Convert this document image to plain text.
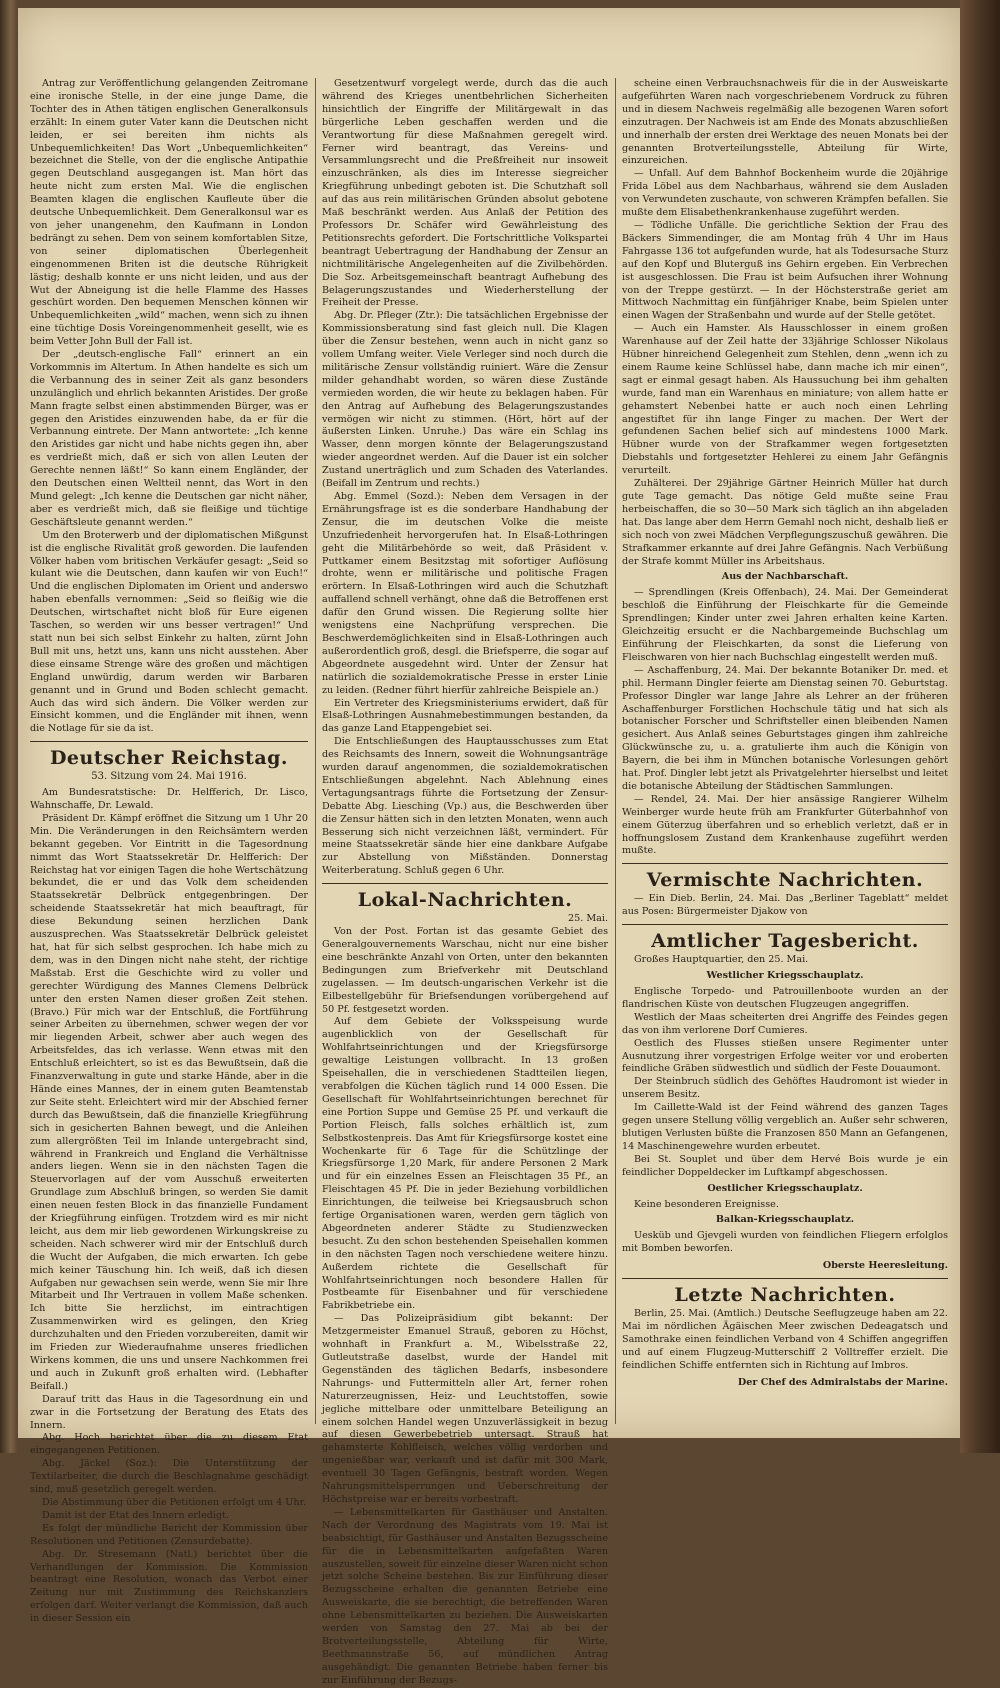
Antrag zur Veröffentlichung gelangenden Zeitromane eine ironische Stelle, in der eine junge Dame, die Tochter des in Athen tätigen englischen Generalkonsuls erzählt: In einem guter Vater kann die Deutschen nicht leiden, er sei bereiten ihm nichts als Unbequemlichkeiten! Das Wort „Unbequemlichkeiten“ bezeichnet die Stelle, von der die englische Antipathie gegen Deutschland ausgegangen ist. Man hört das heute nicht zum ersten Mal. Wie die englischen Beamten klagen die englischen Kaufleute über die deutsche Unbequemlichkeit. Dem Generalkonsul war es von jeher unangenehm, den Kaufmann in London bedrängt zu sehen. Dem von seinem komfortablen Sitze, von seiner diplomatischen Überlegenheit eingenommenen Briten ist die deutsche Rührigkeit lästig; deshalb konnte er uns nicht leiden, und aus der Wut der Abneigung ist die helle Flamme des Hasses geschürt worden. Den bequemen Menschen können wir Unbequemlichkeiten „wild“ machen, wenn sich zu ihnen eine tüchtige Dosis Voreingenommenheit gesellt, wie es beim Vetter John Bull der Fall ist.

Der „deutsch-englische Fall“ erinnert an ein Vorkommnis im Altertum. In Athen handelte es sich um die Verbannung des in seiner Zeit als ganz besonders unzulänglich und ehrlich bekannten Aristides. Der große Mann fragte selbst einen abstimmenden Bürger, was er gegen den Aristides einzuwenden habe, da er für die Verbannung eintrete. Der Mann antwortete: „Ich kenne den Aristides gar nicht und habe nichts gegen ihn, aber es verdrießt mich, daß er sich von allen Leuten der Gerechte nennen läßt!“ So kann einem Engländer, der den Deutschen einen Weltteil nennt, das Wort in den Mund gelegt: „Ich kenne die Deutschen gar nicht näher, aber es verdrießt mich, daß sie fleißige und tüchtige Geschäftsleute genannt werden.“

Um den Broterwerb und der diplomatischen Mißgunst ist die englische Rivalität groß geworden. Die laufenden Völker haben vom britischen Verkäufer gesagt: „Seid so kulant wie die Deutschen, dann kaufen wir von Euch!“ Und die englischen Diplomaten im Orient und anderswo haben ebenfalls vernommen: „Seid so fleißig wie die Deutschen, wirtschaftet nicht bloß für Eure eigenen Taschen, so werden wir uns besser vertragen!“ Und statt nun bei sich selbst Einkehr zu halten, zürnt John Bull mit uns, hetzt uns, kann uns nicht ausstehen. Aber diese einsame Strenge wäre des großen und mächtigen England unwürdig, darum werden wir Barbaren genannt und in Grund und Boden schlecht gemacht. Auch das wird sich ändern. Die Völker werden zur Einsicht kommen, und die Engländer mit ihnen, wenn die Notlage für sie da ist.

Deutscher Reichstag.

53. Sitzung vom 24. Mai 1916.

Am Bundesratstische: Dr. Helfferich, Dr. Lisco, Wahnschaffe, Dr. Lewald.

Präsident Dr. Kämpf eröffnet die Sitzung um 1 Uhr 20 Min. Die Veränderungen in den Reichsämtern werden bekannt gegeben. Vor Eintritt in die Tagesordnung nimmt das Wort Staatssekretär Dr. Helfferich: Der Reichstag hat vor einigen Tagen die hohe Wertschätzung bekundet, die er und das Volk dem scheidenden Staatssekretär Delbrück entgegenbringen. Der scheidende Staatssekretär hat mich beauftragt, für diese Bekundung seinen herzlichen Dank auszusprechen. Was Staatssekretär Delbrück geleistet hat, hat für sich selbst gesprochen. Ich habe mich zu dem, was in den Dingen nicht nahe steht, der richtige Maßstab. Erst die Geschichte wird zu voller und gerechter Würdigung des Mannes Clemens Delbrück unter den ersten Namen dieser großen Zeit stehen. (Bravo.) Für mich war der Entschluß, die Fortführung seiner Arbeiten zu übernehmen, schwer wegen der vor mir liegenden Arbeit, schwer aber auch wegen des Arbeitsfeldes, das ich verlasse. Wenn etwas mit den Entschluß erleichtert, so ist es das Bewußtsein, daß die Finanzverwaltung in gute und starke Hände, aber in die Hände eines Mannes, der in einem guten Beamtenstab zur Seite steht. Erleichtert wird mir der Abschied ferner durch das Bewußtsein, daß die finanzielle Kriegführung sich in gesicherten Bahnen bewegt, und die Anleihen zum allergrößten Teil im Inlande untergebracht sind, während in Frankreich und England die Verhältnisse anders liegen. Wenn sie in den nächsten Tagen die Steuervorlagen auf der vom Ausschuß erweiterten Grundlage zum Abschluß bringen, so werden Sie damit einen neuen festen Block in das finanzielle Fundament der Kriegführung einfügen. Trotzdem wird es mir nicht leicht, aus dem mir lieb gewordenen Wirkungskreise zu scheiden. Nach schwerer wird mir der Entschluß durch die Wucht der Aufgaben, die mich erwarten. Ich gebe mich keiner Täuschung hin. Ich weiß, daß ich diesen Aufgaben nur gewachsen sein werde, wenn Sie mir Ihre Mitarbeit und Ihr Vertrauen in vollem Maße schenken. Ich bitte Sie herzlichst, im eintrachtigen Zusammenwirken wird es gelingen, den Krieg durchzuhalten und den Frieden vorzubereiten, damit wir im Frieden zur Wiederaufnahme unseres friedlichen Wirkens kommen, die uns und unsere Nachkommen frei und auch in Zukunft groß erhalten wird. (Lebhafter Beifall.)

Darauf tritt das Haus in die Tagesordnung ein und zwar in die Fortsetzung der Beratung des Etats des Innern.

Abg. Hoch berichtet über die zu diesem Etat eingegangenen Petitionen.

Abg. Jäckel (Soz.): Die Unterstützung der Textilarbeiter, die durch die Beschlagnahme geschädigt sind, muß gesetzlich geregelt werden.

Die Abstimmung über die Petitionen erfolgt um 4 Uhr.

Damit ist der Etat des Innern erledigt.

Es folgt der mündliche Bericht der Kommission über Resolutionen und Petitionen (Zensurdebatte).

Abg. Dr. Stresemann (Natl.) berichtet über die Verhandlungen der Kommission. Die Kommission beantragt eine Resolution, wonach das Verbot einer Zeitung nur mit Zustimmung des Reichskanzlers erfolgen darf. Weiter verlangt die Kommission, daß auch in dieser Session ein

Gesetzentwurf vorgelegt werde, durch das die auch während des Krieges unentbehrlichen Sicherheiten hinsichtlich der Eingriffe der Militärgewalt in das bürgerliche Leben geschaffen werden und die Verantwortung für diese Maßnahmen geregelt wird. Ferner wird beantragt, das Vereins- und Versammlungsrecht und die Preßfreiheit nur insoweit einzuschränken, als dies im Interesse siegreicher Kriegführung unbedingt geboten ist. Die Schutzhaft soll auf das aus rein militärischen Gründen absolut gebotene Maß beschränkt werden. Aus Anlaß der Petition des Professors Dr. Schäfer wird Gewährleistung des Petitionsrechts gefordert. Die Fortschrittliche Volkspartei beantragt Uebertragung der Handhabung der Zensur an nichtmilitärische Angelegenheiten auf die Zivilbehörden. Die Soz. Arbeitsgemeinschaft beantragt Aufhebung des Belagerungszustandes und Wiederherstellung der Freiheit der Presse.

Abg. Dr. Pfleger (Ztr.): Die tatsächlichen Ergebnisse der Kommissionsberatung sind fast gleich null. Die Klagen über die Zensur bestehen, wenn auch in nicht ganz so vollem Umfang weiter. Viele Verleger sind noch durch die militärische Zensur vollständig ruiniert. Wäre die Zensur milder gehandhabt worden, so wären diese Zustände vermieden worden, die wir heute zu beklagen haben. Für den Antrag auf Aufhebung des Belagerungszustandes vermögen wir nicht zu stimmen. (Hört, hört auf der äußersten Linken. Unruhe.) Das wäre ein Schlag ins Wasser, denn morgen könnte der Belagerungszustand wieder angeordnet werden. Auf die Dauer ist ein solcher Zustand unerträglich und zum Schaden des Vaterlandes. (Beifall im Zentrum und rechts.)

Abg. Emmel (Sozd.): Neben dem Versagen in der Ernährungsfrage ist es die sonderbare Handhabung der Zensur, die im deutschen Volke die meiste Unzufriedenheit hervorgerufen hat. In Elsaß-Lothringen geht die Militärbehörde so weit, daß Präsident v. Puttkamer einem Besitzstag mit sofortiger Auflösung drohte, wenn er militärische und politische Fragen erörtern. In Elsaß-Lothringen wird auch die Schutzhaft auffallend schnell verhängt, ohne daß die Betroffenen erst dafür den Grund wissen. Die Regierung sollte hier wenigstens eine Nachprüfung versprechen. Die Beschwerdemöglichkeiten sind in Elsaß-Lothringen auch außerordentlich groß, desgl. die Briefsperre, die sogar auf Abgeordnete ausgedehnt wird. Unter der Zensur hat natürlich die sozialdemokratische Presse in erster Linie zu leiden. (Redner führt hierfür zahlreiche Beispiele an.)

Ein Vertreter des Kriegsministeriums erwidert, daß für Elsaß-Lothringen Ausnahmebestimmungen bestanden, da das ganze Land Etappengebiet sei.

Die Entschließungen des Hauptausschusses zum Etat des Reichsamts des Innern, soweit die Wohnungsanträge wurden darauf angenommen, die sozialdemokratischen Entschließungen abgelehnt. Nach Ablehnung eines Vertagungsantrags führte die Fortsetzung der Zensur-Debatte Abg. Liesching (Vp.) aus, die Beschwerden über die Zensur hätten sich in den letzten Monaten, wenn auch Besserung sich nicht verzeichnen läßt, vermindert. Für meine Staatssekretär sände hier eine dankbare Aufgabe zur Abstellung von Mißständen. Donnerstag Weiterberatung. Schluß gegen 6 Uhr.

Lokal-Nachrichten.

25. Mai.

Von der Post. Fortan ist das gesamte Gebiet des Generalgouvernements Warschau, nicht nur eine bisher eine beschränkte Anzahl von Orten, unter den bekannten Bedingungen zum Briefverkehr mit Deutschland zugelassen. — Im deutsch-ungarischen Verkehr ist die Eilbestellgebühr für Briefsendungen vorübergehend auf 50 Pf. festgesetzt worden.

Auf dem Gebiete der Volksspeisung wurde augenblicklich von der Gesellschaft für Wohlfahrtseinrichtungen und der Kriegsfürsorge gewaltige Leistungen vollbracht. In 13 großen Speisehallen, die in verschiedenen Stadtteilen liegen, verabfolgen die Küchen täglich rund 14 000 Essen. Die Gesellschaft für Wohlfahrtseinrichtungen berechnet für eine Portion Suppe und Gemüse 25 Pf. und verkauft die Portion Fleisch, falls solches erhältlich ist, zum Selbstkostenpreis. Das Amt für Kriegsfürsorge kostet eine Wochenkarte für 6 Tage für die Schützlinge der Kriegsfürsorge 1,20 Mark, für andere Personen 2 Mark und für ein einzelnes Essen an Fleischtagen 35 Pf., an Fleischtagen 45 Pf. Die in jeder Beziehung vorbildlichen Einrichtungen, die teilweise bei Kriegsausbruch schon fertige Organisationen waren, werden gern täglich von Abgeordneten anderer Städte zu Studienzwecken besucht. Zu den schon bestehenden Speisehallen kommen in den nächsten Tagen noch verschiedene weitere hinzu. Außerdem richtete die Gesellschaft für Wohlfahrtseinrichtungen noch besondere Hallen für Postbeamte für Eisenbahner und für verschiedene Fabrikbetriebe ein.

— Das Polizeipräsidium gibt bekannt: Der Metzgermeister Emanuel Strauß, geboren zu Höchst, wohnhaft in Frankfurt a. M., Wibelsstraße 22, Gutleutstraße daselbst, wurde der Handel mit Gegenständen des täglichen Bedarfs, insbesondere Nahrungs- und Futtermitteln aller Art, ferner rohen Naturerzeugnissen, Heiz- und Leuchtstoffen, sowie jegliche mittelbare oder unmittelbare Beteiligung an einem solchen Handel wegen Unzuverlässigkeit in bezug auf diesen Gewerbebetrieb untersagt. Strauß hat gehamsterte Kohlfleisch, welches völlig verdorben und ungenießbar war, verkauft und ist dafür mit 300 Mark, eventuell 30 Tagen Gefängnis, bestraft worden. Wegen Nahrungsmittelsperrungen und Ueberschreitung der Höchstpreise war er bereits vorbestraft.

— Lebensmittelkarten für Gasthäuser und Anstalten. Nach der Verordnung des Magistrats vom 19. Mai ist beabsichtigt, für Gasthäuser und Anstalten Bezugsscheine für die in Lebensmittelkarten aufgefaßten Waren auszustellen, soweit für einzelne dieser Waren nicht schon jetzt solche Scheine bestehen. Bis zur Einführung dieser Bezugsscheine erhalten die genannten Betriebe eine Ausweiskarte, die sie berechtigt, die betreffenden Waren ohne Lebensmittelkarten zu beziehen. Die Ausweiskarten werden von Samstag den 27. Mai ab bei der Brotverteilungsstelle, Abteilung für Wirte, Beethmannstraße 56, auf mündlichen Antrag ausgehändigt. Die genannten Betriebe haben ferner bis zur Einführung der Bezugs-

scheine einen Verbrauchsnachweis für die in der Ausweiskarte aufgeführten Waren nach vorgeschriebenem Vordruck zu führen und in diesem Nachweis regelmäßig alle bezogenen Waren sofort einzutragen. Der Nachweis ist am Ende des Monats abzuschließen und innerhalb der ersten drei Werktage des neuen Monats bei der genannten Brotverteilungsstelle, Abteilung für Wirte, einzureichen.

— Unfall. Auf dem Bahnhof Bockenheim wurde die 20jährige Frida Löbel aus dem Nachbarhaus, während sie dem Ausladen von Verwundeten zuschaute, von schweren Krämpfen befallen. Sie mußte dem Elisabethenkrankenhause zugeführt werden.

— Tödliche Unfälle. Die gerichtliche Sektion der Frau des Bäckers Simmendinger, die am Montag früh 4 Uhr im Haus Fahrgasse 136 tot aufgefunden wurde, hat als Todesursache Sturz auf den Kopf und Bluterguß ins Gehirn ergeben. Ein Verbrechen ist ausgeschlossen. Die Frau ist beim Aufsuchen ihrer Wohnung von der Treppe gestürzt. — In der Höchsterstraße geriet am Mittwoch Nachmittag ein fünfjähriger Knabe, beim Spielen unter einen Wagen der Straßenbahn und wurde auf der Stelle getötet.

— Auch ein Hamster. Als Hausschlosser in einem großen Warenhause auf der Zeil hatte der 33jährige Schlosser Nikolaus Hübner hinreichend Gelegenheit zum Stehlen, denn „wenn ich zu einem Raume keine Schlüssel habe, dann mache ich mir einen“, sagt er einmal gesagt haben. Als Haussuchung bei ihm gehalten wurde, fand man ein Warenhaus en miniature; von allem hatte er gehamstert Nebenbei hatte er auch noch einen Lehrling angestiftet für ihn lange Finger zu machen. Der Wert der gefundenen Sachen belief sich auf mindestens 1000 Mark. Hübner wurde von der Strafkammer wegen fortgesetzten Diebstahls und fortgesetzter Hehlerei zu einem Jahr Gefängnis verurteilt.

Zuhälterei. Der 29jährige Gärtner Heinrich Müller hat durch gute Tage gemacht. Das nötige Geld mußte seine Frau herbeischaffen, die so 30—50 Mark sich täglich an ihn abgeladen hat. Das lange aber dem Herrn Gemahl noch nicht, deshalb ließ er sich noch von zwei Mädchen Verpflegungszuschuß gewähren. Die Strafkammer erkannte auf drei Jahre Gefängnis. Nach Verbüßung der Strafe kommt Müller ins Arbeitshaus.

Aus der Nachbarschaft.

— Sprendlingen (Kreis Offenbach), 24. Mai. Der Gemeinderat beschloß die Einführung der Fleischkarte für die Gemeinde Sprendlingen; Kinder unter zwei Jahren erhalten keine Karten. Gleichzeitig ersucht er die Nachbargemeinde Buchschlag um Einführung der Fleischkarten, da sonst die Lieferung von Fleischwaren von hier nach Buchschlag eingestellt werden muß.

— Aschaffenburg, 24. Mai. Der bekannte Botaniker Dr. med. et phil. Hermann Dingler feierte am Dienstag seinen 70. Geburtstag. Professor Dingler war lange Jahre als Lehrer an der früheren Aschaffenburger Forstlichen Hochschule tätig und hat sich als botanischer Forscher und Schriftsteller einen bleibenden Namen gesichert. Aus Anlaß seines Geburtstages gingen ihm zahlreiche Glückwünsche zu, u. a. gratulierte ihm auch die Königin von Bayern, die bei ihm in München botanische Vorlesungen gehört hat. Prof. Dingler lebt jetzt als Privatgelehrter hierselbst und leitet die botanische Abteilung der Städtischen Sammlungen.

— Rendel, 24. Mai. Der hier ansässige Rangierer Wilhelm Weinberger wurde heute früh am Frankfurter Güterbahnhof von einem Güterzug überfahren und so erheblich verletzt, daß er in hoffnungslosem Zustand dem Krankenhause zugeführt werden mußte.

Vermischte Nachrichten.

— Ein Dieb. Berlin, 24. Mai. Das „Berliner Tageblatt“ meldet aus Posen: Bürgermeister Djakow von

Amtlicher Tagesbericht.

Großes Hauptquartier, den 25. Mai.

Westlicher Kriegsschauplatz.

Englische Torpedo- und Patrouillenboote wurden an der flandrischen Küste von deutschen Flugzeugen angegriffen.

Westlich der Maas scheiterten drei Angriffe des Feindes gegen das von ihm verlorene Dorf Cumieres.

Oestlich des Flusses stießen unsere Regimenter unter Ausnutzung ihrer vorgestrigen Erfolge weiter vor und eroberten feindliche Gräben südwestlich und südlich der Feste Douaumont.

Der Steinbruch südlich des Gehöftes Haudromont ist wieder in unserem Besitz.

Im Caillette-Wald ist der Feind während des ganzen Tages gegen unsere Stellung völlig vergeblich an. Außer sehr schweren, blutigen Verlusten büßte die Franzosen 850 Mann an Gefangenen, 14 Maschinengewehre wurden erbeutet.

Bei St. Souplet und über dem Hervé Bois wurde je ein feindlicher Doppeldecker im Luftkampf abgeschossen.

Oestlicher Kriegsschauplatz.

Keine besonderen Ereignisse.

Balkan-Kriegsschauplatz.

Uesküb und Gjevgeli wurden von feindlichen Fliegern erfolglos mit Bomben beworfen.

Oberste Heeresleitung.

Letzte Nachrichten.

Berlin, 25. Mai. (Amtlich.) Deutsche Seeflugzeuge haben am 22. Mai im nördlichen Ägäischen Meer zwischen Dedeagatsch und Samothrake einen feindlichen Verband von 4 Schiffen angegriffen und auf einem Flugzeug-Mutterschiff 2 Volltreffer erzielt. Die feindlichen Schiffe entfernten sich in Richtung auf Imbros.

Der Chef des Admiralstabs der Marine.
